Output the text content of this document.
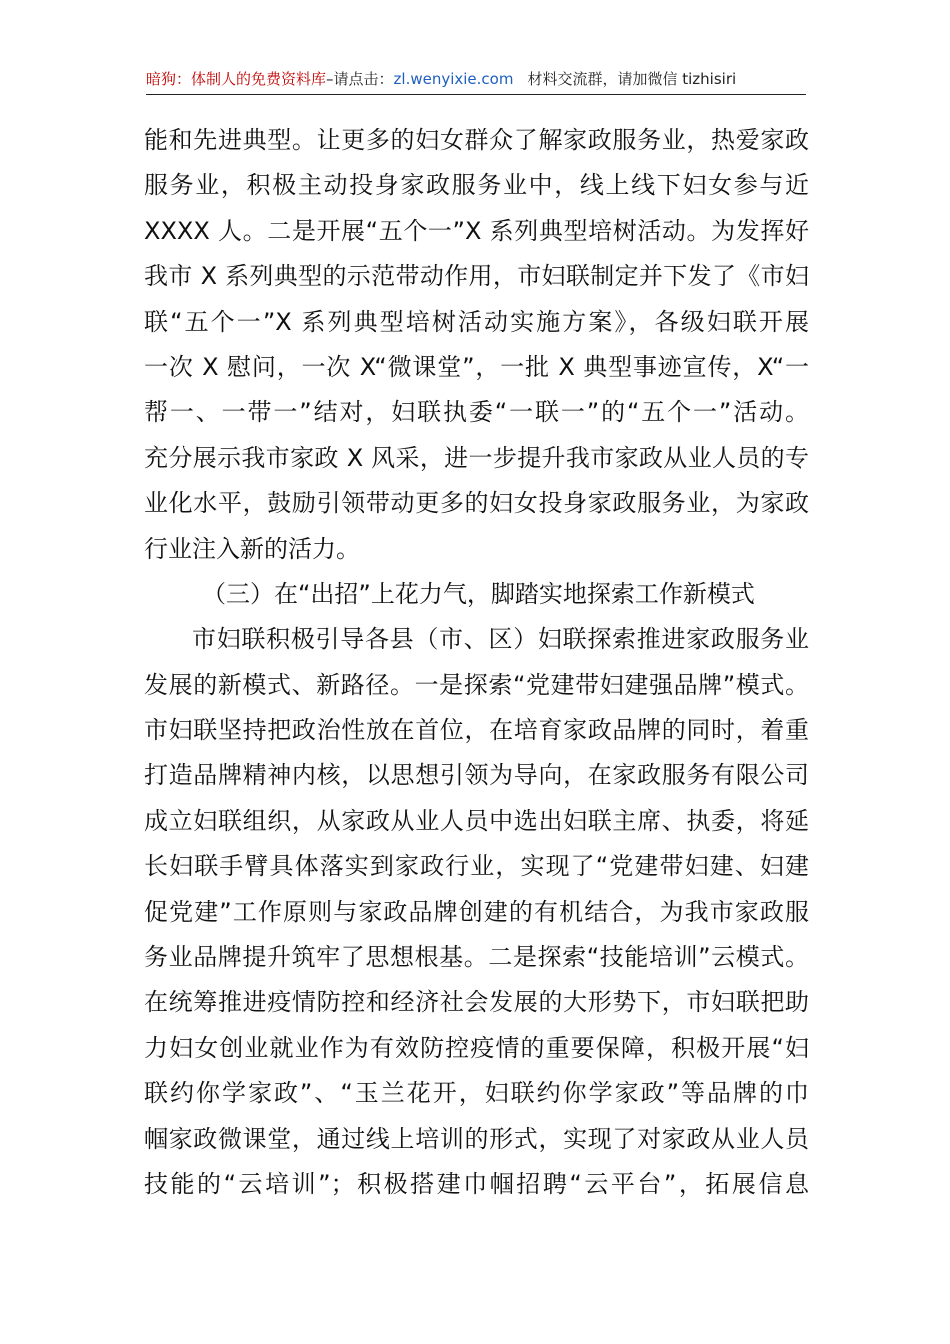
暗狗：体制人的免费资料库–请点击：zl.wenyixie.com 材料交流群，请加微信 tizhisiri
能和先进典型。让更多的妇女群众了解家政服务业，热爱家政
服务业，积极主动投身家政服务业中，线上线下妇女参与近
XXXX 人。二是开展“五个一”X 系列典型培树活动。为发挥好
我市 X 系列典型的示范带动作用，市妇联制定并下发了《市妇
联“五个一”X 系列典型培树活动实施方案》，各级妇联开展
一次 X 慰问，一次 X“微课堂”，一批 X 典型事迹宣传，X“一
帮一、一带一”结对，妇联执委“一联一”的“五个一”活动。
充分展示我市家政 X 风采，进一步提升我市家政从业人员的专
业化水平，鼓励引领带动更多的妇女投身家政服务业，为家政
行业注入新的活力。
（三）在“出招”上花力气，脚踏实地探索工作新模式
市妇联积极引导各县（市、区）妇联探索推进家政服务业
发展的新模式、新路径。一是探索“党建带妇建强品牌”模式。
市妇联坚持把政治性放在首位，在培育家政品牌的同时，着重
打造品牌精神内核，以思想引领为导向，在家政服务有限公司
成立妇联组织，从家政从业人员中选出妇联主席、执委，将延
长妇联手臂具体落实到家政行业，实现了“党建带妇建、妇建
促党建”工作原则与家政品牌创建的有机结合，为我市家政服
务业品牌提升筑牢了思想根基。二是探索“技能培训”云模式。
在统筹推进疫情防控和经济社会发展的大形势下，市妇联把助
力妇女创业就业作为有效防控疫情的重要保障，积极开展“妇
联约你学家政”、“玉兰花开，妇联约你学家政”等品牌的巾
帼家政微课堂，通过线上培训的形式，实现了对家政从业人员
技能的“云培训”；积极搭建巾帼招聘“云平台”，拓展信息
